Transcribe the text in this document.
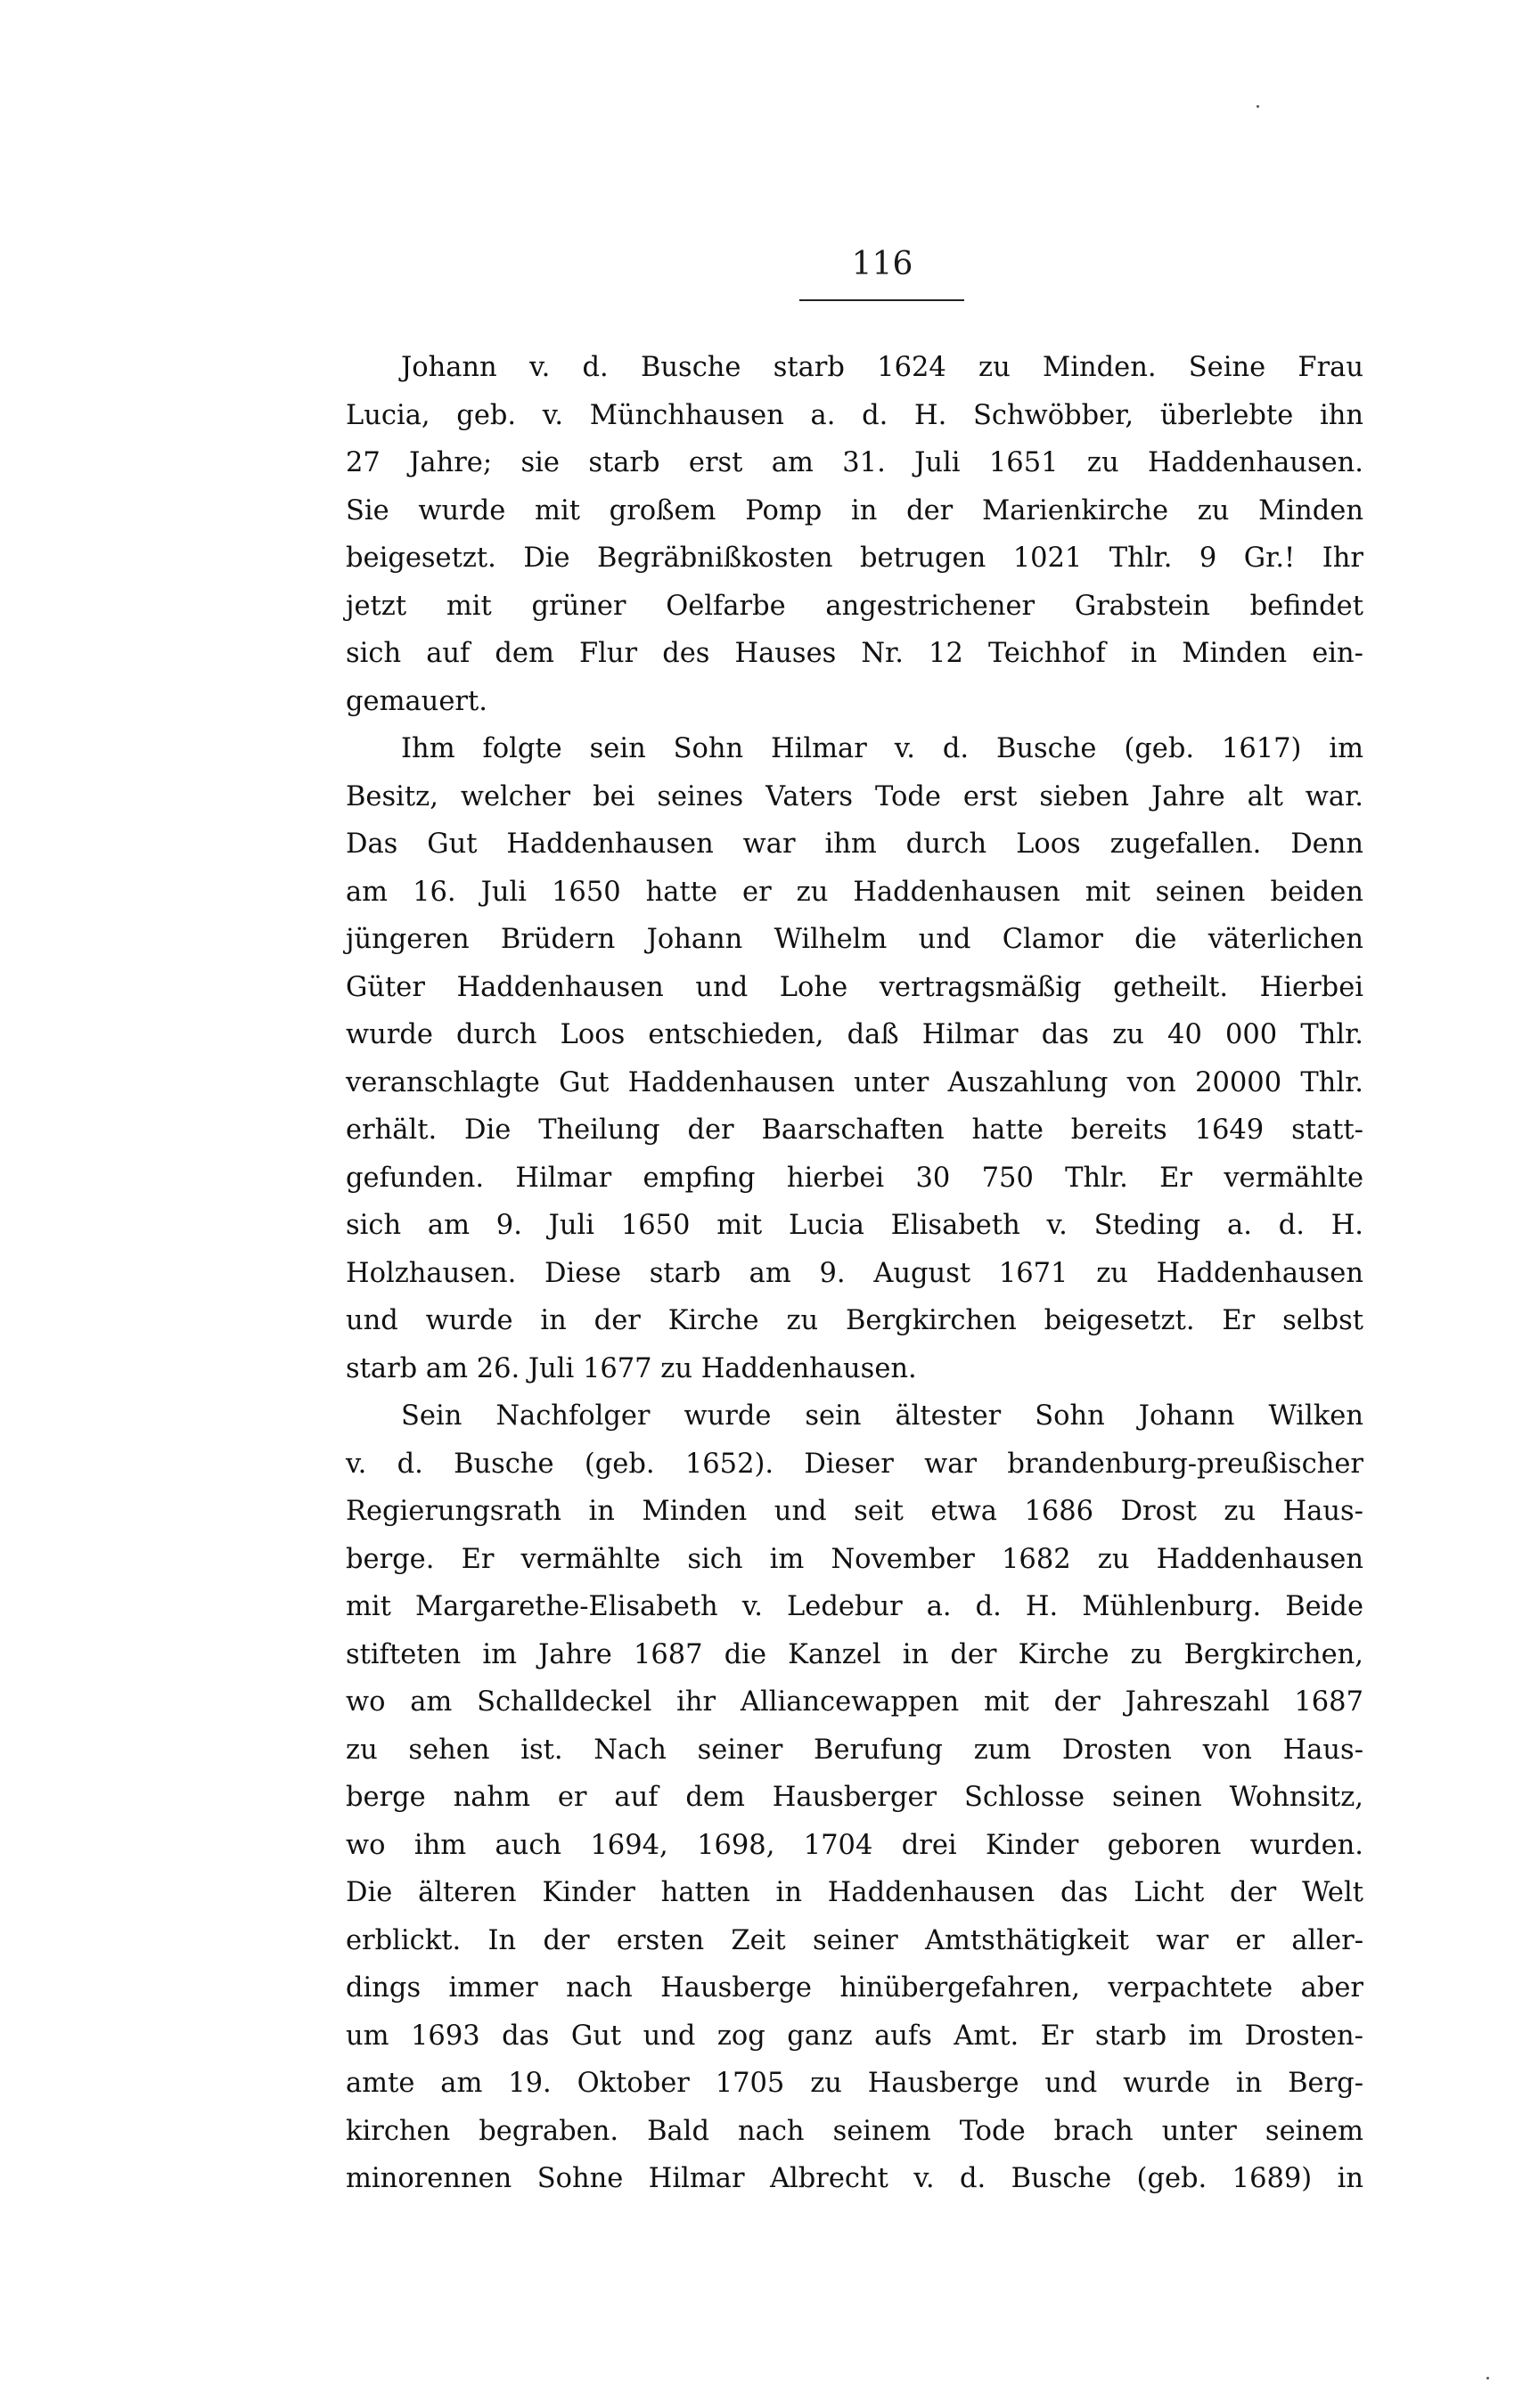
116
Johann v. d. Busche starb 1624 zu Minden. Seine Frau
Lucia, geb. v. Münchhausen a. d. H. Schwöbber, überlebte ihn
27 Jahre; sie starb erst am 31. Juli 1651 zu Haddenhausen.
Sie wurde mit großem Pomp in der Marienkirche zu Minden
beigesetzt. Die Begräbnißkosten betrugen 1021 Thlr. 9 Gr.! Ihr
jetzt mit grüner Oelfarbe angestrichener Grabstein befindet
sich auf dem Flur des Hauses Nr. 12 Teichhof in Minden ein-
gemauert.
Ihm folgte sein Sohn Hilmar v. d. Busche (geb. 1617) im
Besitz, welcher bei seines Vaters Tode erst sieben Jahre alt war.
Das Gut Haddenhausen war ihm durch Loos zugefallen. Denn
am 16. Juli 1650 hatte er zu Haddenhausen mit seinen beiden
jüngeren Brüdern Johann Wilhelm und Clamor die väterlichen
Güter Haddenhausen und Lohe vertragsmäßig getheilt. Hierbei
wurde durch Loos entschieden, daß Hilmar das zu 40 000 Thlr.
veranschlagte Gut Haddenhausen unter Auszahlung von 20000 Thlr.
erhält. Die Theilung der Baarschaften hatte bereits 1649 statt-
gefunden. Hilmar empfing hierbei 30 750 Thlr. Er vermählte
sich am 9. Juli 1650 mit Lucia Elisabeth v. Steding a. d. H.
Holzhausen. Diese starb am 9. August 1671 zu Haddenhausen
und wurde in der Kirche zu Bergkirchen beigesetzt. Er selbst
starb am 26. Juli 1677 zu Haddenhausen.
Sein Nachfolger wurde sein ältester Sohn Johann Wilken
v. d. Busche (geb. 1652). Dieser war brandenburg-preußischer
Regierungsrath in Minden und seit etwa 1686 Drost zu Haus-
berge. Er vermählte sich im November 1682 zu Haddenhausen
mit Margarethe-Elisabeth v. Ledebur a. d. H. Mühlenburg. Beide
stifteten im Jahre 1687 die Kanzel in der Kirche zu Bergkirchen,
wo am Schalldeckel ihr Alliancewappen mit der Jahreszahl 1687
zu sehen ist. Nach seiner Berufung zum Drosten von Haus-
berge nahm er auf dem Hausberger Schlosse seinen Wohnsitz,
wo ihm auch 1694, 1698, 1704 drei Kinder geboren wurden.
Die älteren Kinder hatten in Haddenhausen das Licht der Welt
erblickt. In der ersten Zeit seiner Amtsthätigkeit war er aller-
dings immer nach Hausberge hinübergefahren, verpachtete aber
um 1693 das Gut und zog ganz aufs Amt. Er starb im Drosten-
amte am 19. Oktober 1705 zu Hausberge und wurde in Berg-
kirchen begraben. Bald nach seinem Tode brach unter seinem
minorennen Sohne Hilmar Albrecht v. d. Busche (geb. 1689) in
